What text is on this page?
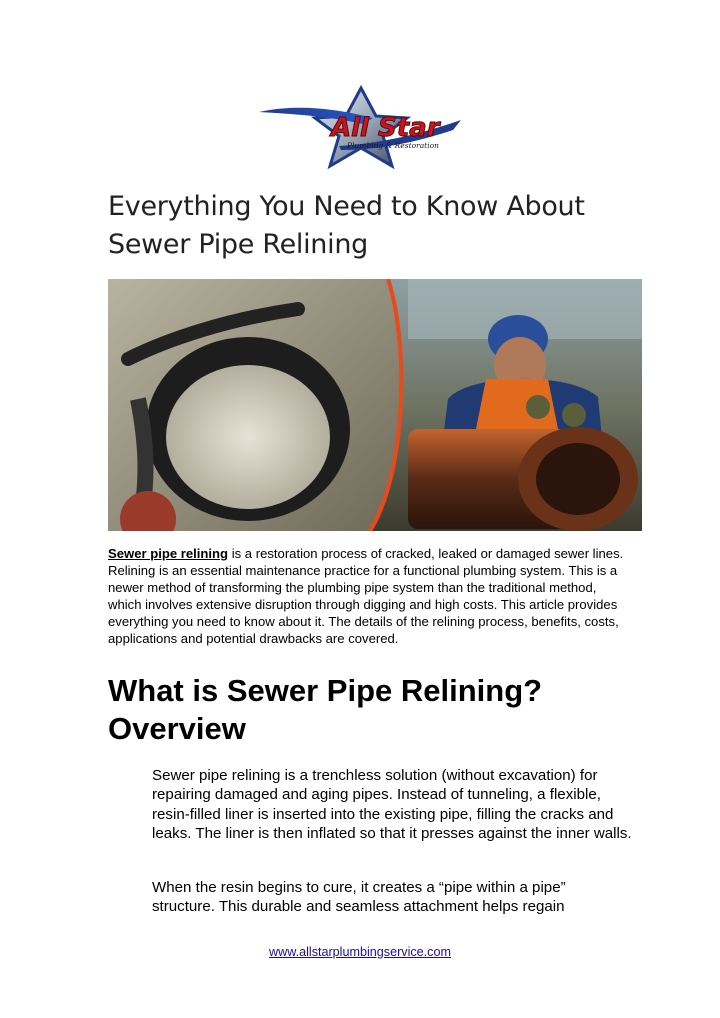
All Star
Plumbing & Restoration
Everything You Need to Know About
Sewer Pipe Relining

Sewer pipe relining is a restoration process of cracked, leaked or damaged sewer lines. Relining is an essential maintenance practice for a functional plumbing system. This is a newer method of transforming the plumbing pipe system than the traditional method, which involves extensive disruption through digging and high costs. This article provides everything you need to know about it. The details of the relining process, benefits, costs, applications and potential drawbacks are covered.

What is Sewer Pipe Relining?
Overview

Sewer pipe relining is a trenchless solution (without excavation) for repairing damaged and aging pipes. Instead of tunneling, a flexible, resin-filled liner is inserted into the existing pipe, filling the cracks and leaks. The liner is then inflated so that it presses against the inner walls.

When the resin begins to cure, it creates a “pipe within a pipe” structure. This durable and seamless attachment helps regain

www.allstarplumbingservice.com
